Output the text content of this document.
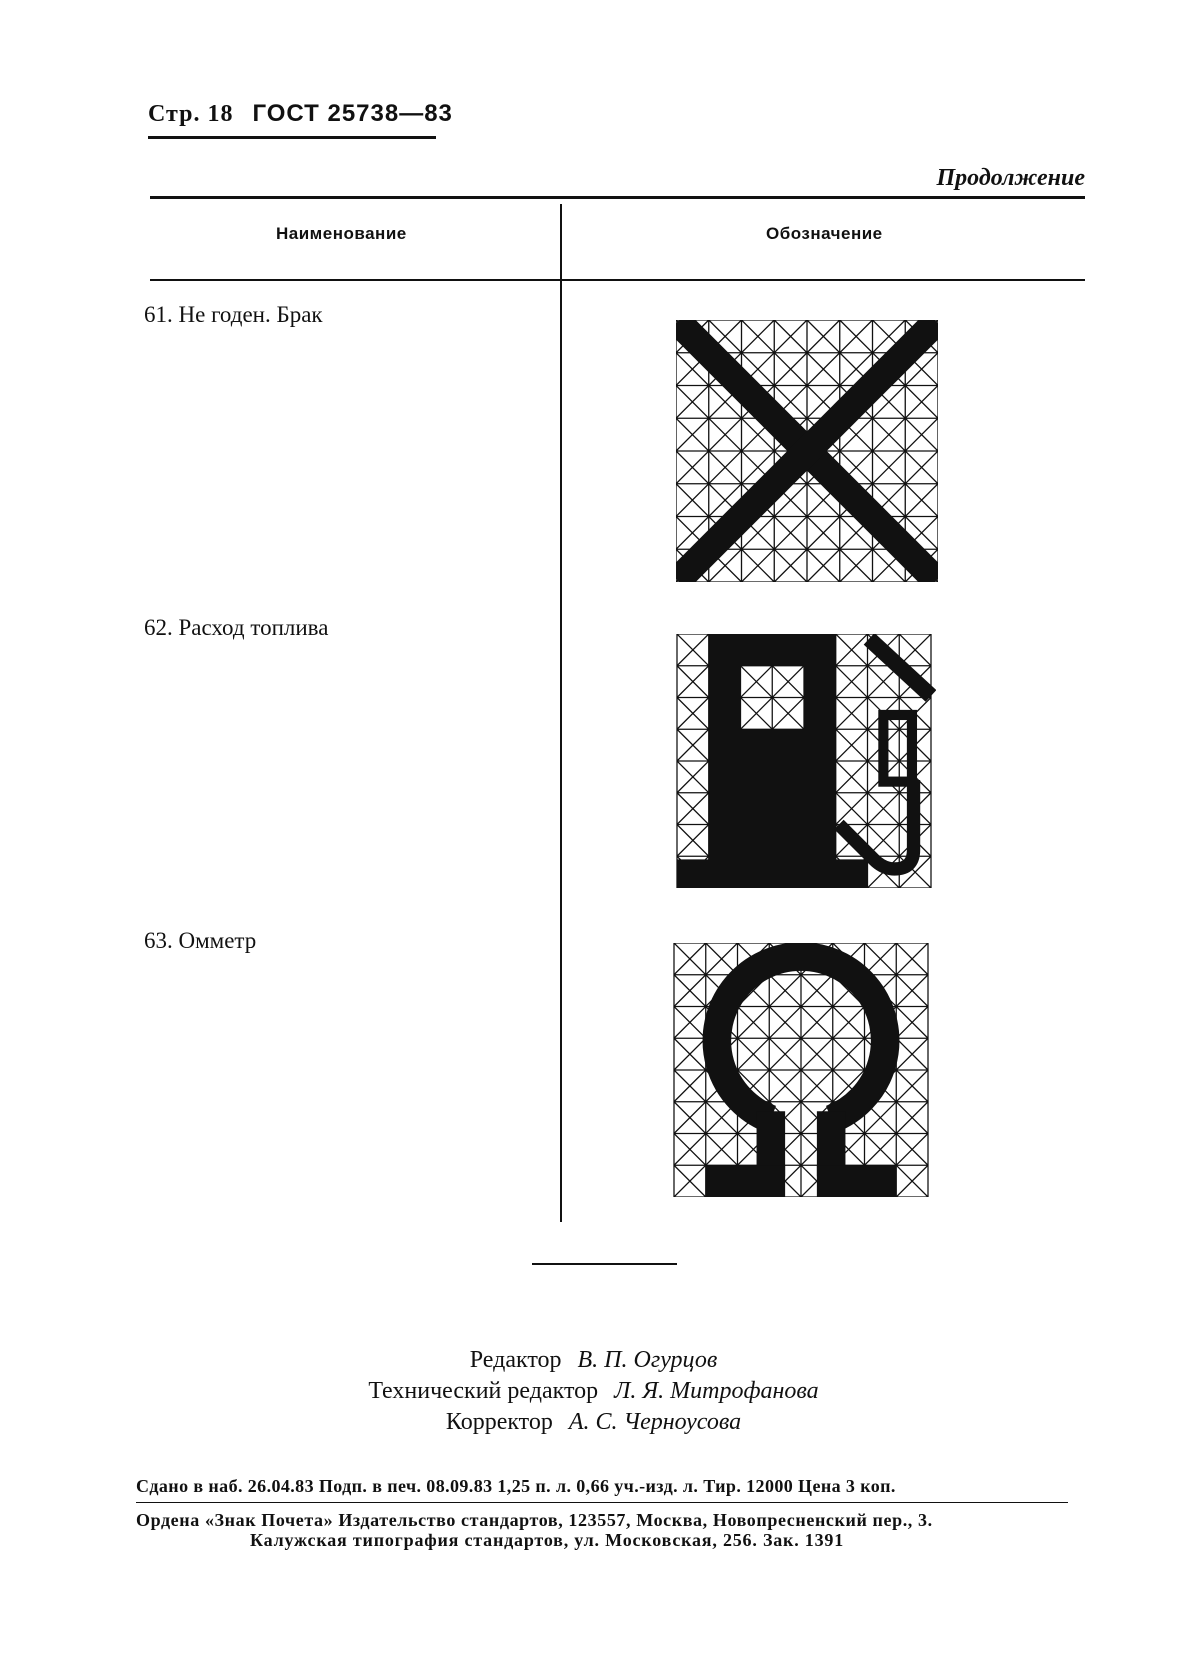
Стр. 18 ГОСТ 25738—83
Продолжение
Наименование	Обозначение
61. Не годен. Брак
62. Расход топлива
63. Омметр
Редактор В. П. Огурцов
Технический редактор Л. Я. Митрофанова
Корректор А. С. Черноусова
Сдано в наб. 26.04.83 Подп. в печ. 08.09.83 1,25 п. л. 0,66 уч.-изд. л. Тир. 12000 Цена 3 коп.
Ордена «Знак Почета» Издательство стандартов, 123557, Москва, Новопресненский пер., 3.
Калужская типография стандартов, ул. Московская, 256. Зак. 1391
